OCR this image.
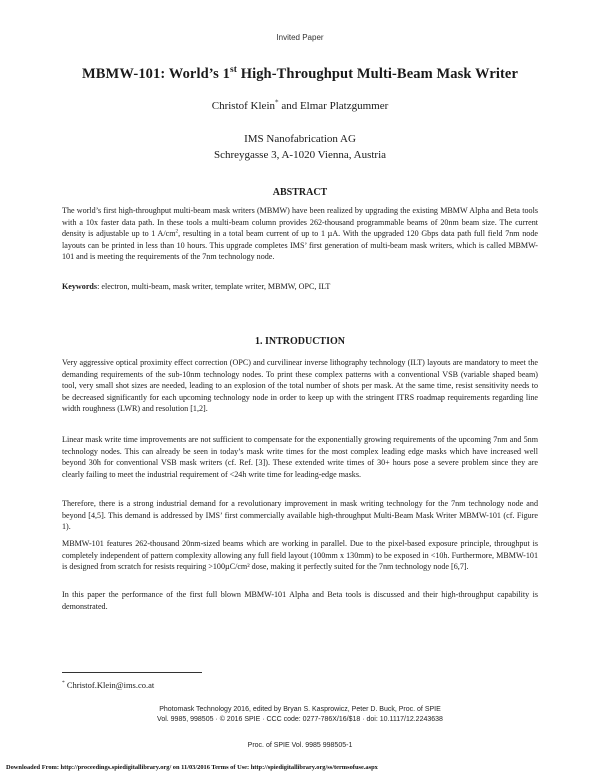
Invited Paper
MBMW-101: World’s 1st High-Throughput Multi-Beam Mask Writer
Christof Klein* and Elmar Platzgummer
IMS Nanofabrication AG
Schreygasse 3, A-1020 Vienna, Austria
ABSTRACT

The world’s first high-throughput multi-beam mask writers (MBMW) have been realized by upgrading the existing MBMW Alpha and Beta tools with a 10x faster data path. In these tools a multi-beam column provides 262-thousand programmable beams of 20nm beam size. The current density is adjustable up to 1 $A/cm^2$, resulting in a total beam current of up to 1 µA. With the upgraded 120 Gbps data path full field 7nm node layouts can be printed in less than 10 hours. This upgrade completes IMS’ first generation of multi-beam mask writers, which is called MBMW-101 and is meeting the requirements of the 7nm technology node.

Keywords: electron, multi-beam, mask writer, template writer, MBMW, OPC, ILT
1. INTRODUCTION

Very aggressive optical proximity effect correction (OPC) and curvilinear inverse lithography technology (ILT) layouts are mandatory to meet the demanding requirements of the sub-10nm technology nodes. To print these complex patterns with a conventional VSB (variable shaped beam) tool, very small shot sizes are needed, leading to an explosion of the total number of shots per mask. At the same time, resist sensitivity needs to be decreased significantly for each upcoming technology node in order to keep up with the stringent ITRS roadmap requirements regarding line width roughness (LWR) and resolution [1,2].

Linear mask write time improvements are not sufficient to compensate for the exponentially growing requirements of the upcoming 7nm and 5nm technology nodes. This can already be seen in today’s mask write times for the most complex leading edge masks which have increased well beyond 30h for conventional VSB mask writers (cf. Ref. [3]). These extended write times of 30+ hours pose a severe problem since they are clearly failing to meet the industrial requirement of <24h write time for leading-edge masks.

Therefore, there is a strong industrial demand for a revolutionary improvement in mask writing technology for the 7nm technology node and beyond [4,5]. This demand is addressed by IMS’ first commercially available high-throughput Multi-Beam Mask Writer MBMW-101 (cf. Figure 1).

MBMW-101 features 262-thousand 20nm-sized beams which are working in parallel. Due to the pixel-based exposure principle, throughput is completely independent of pattern complexity allowing any full field layout (100mm x 130mm) to be exposed in <10h. Furthermore, MBMW-101 is designed from scratch for resists requiring >100µC/cm² dose, making it perfectly suited for the 7nm technology node [6,7].

In this paper the performance of the first full blown MBMW-101 Alpha and Beta tools is discussed and their high-throughput capability is demonstrated.

* Christof.Klein@ims.co.at
Photomask Technology 2016, edited by Bryan S. Kasprowicz, Peter D. Buck, Proc. of SPIE
Vol. 9985, 998505 · © 2016 SPIE · CCC code: 0277-786X/16/$18 · doi: 10.1117/12.2243638
Proc. of SPIE Vol. 9985 998505-1
Downloaded From: http://proceedings.spiedigitallibrary.org/ on 11/03/2016 Terms of Use: http://spiedigitallibrary.org/ss/termsofuse.aspx
